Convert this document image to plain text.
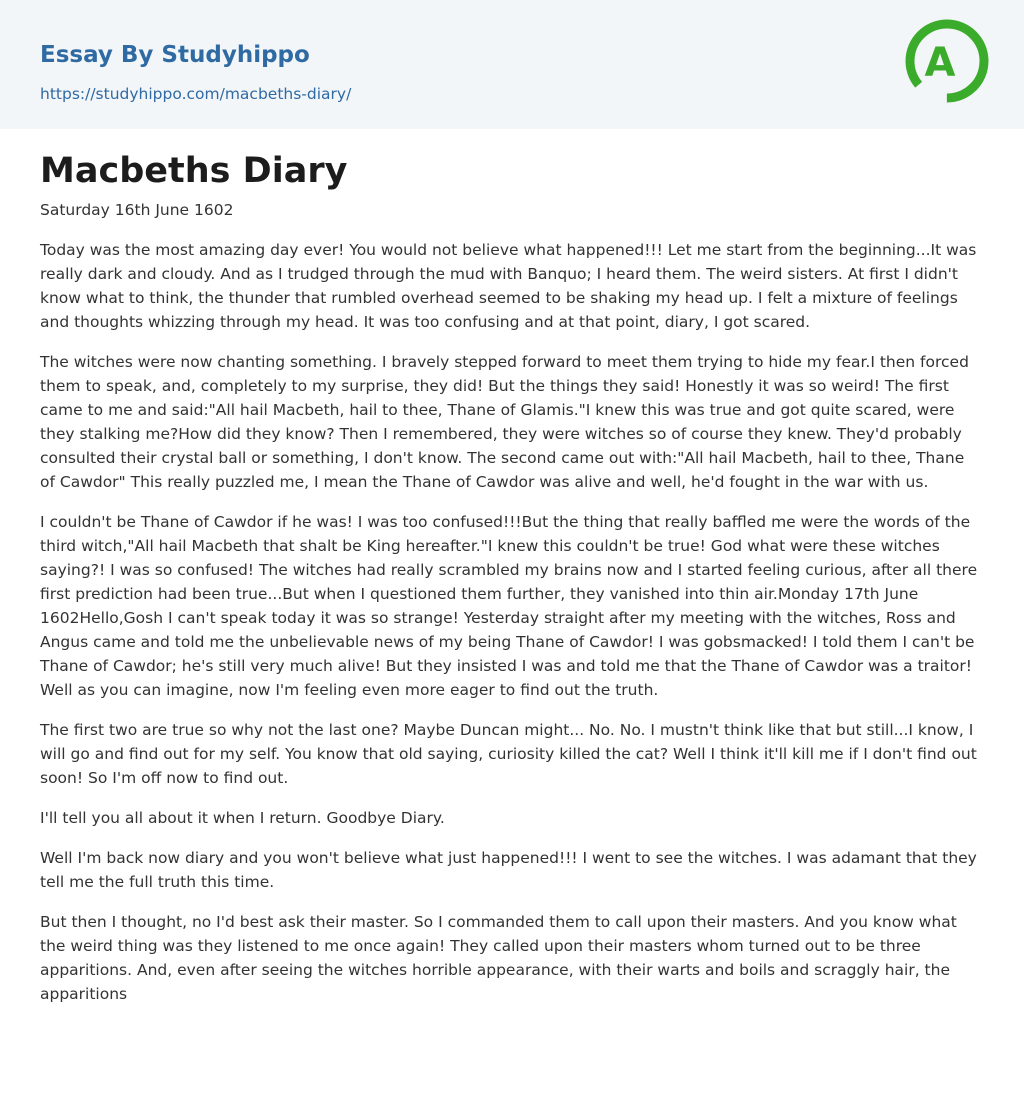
Essay By Studyhippo
https://studyhippo.com/macbeths-diary/
A
Macbeths Diary

Saturday 16th June 1602

Today was the most amazing day ever! You would not believe what happened!!! Let me start from the beginning...It was really dark and cloudy. And as I trudged through the mud with Banquo; I heard them. The weird sisters. At first I didn't know what to think, the thunder that rumbled overhead seemed to be shaking my head up. I felt a mixture of feelings and thoughts whizzing through my head. It was too confusing and at that point, diary, I got scared.

The witches were now chanting something. I bravely stepped forward to meet them trying to hide my fear.I then forced them to speak, and, completely to my surprise, they did! But the things they said! Honestly it was so weird! The first came to me and said:"All hail Macbeth, hail to thee, Thane of Glamis."I knew this was true and got quite scared, were they stalking me?How did they know? Then I remembered, they were witches so of course they knew. They'd probably consulted their crystal ball or something, I don't know. The second came out with:"All hail Macbeth, hail to thee, Thane of Cawdor" This really puzzled me, I mean the Thane of Cawdor was alive and well, he'd fought in the war with us.

I couldn't be Thane of Cawdor if he was! I was too confused!!!But the thing that really baffled me were the words of the third witch,"All hail Macbeth that shalt be King hereafter."I knew this couldn't be true! God what were these witches saying?! I was so confused! The witches had really scrambled my brains now and I started feeling curious, after all there first prediction had been true...But when I questioned them further, they vanished into thin air.Monday 17th June 1602Hello,Gosh I can't speak today it was so strange! Yesterday straight after my meeting with the witches, Ross and Angus came and told me the unbelievable news of my being Thane of Cawdor! I was gobsmacked! I told them I can't be Thane of Cawdor; he's still very much alive! But they insisted I was and told me that the Thane of Cawdor was a traitor! Well as you can imagine, now I'm feeling even more eager to find out the truth.

The first two are true so why not the last one? Maybe Duncan might... No. No. I mustn't think like that but still...I know, I will go and find out for my self. You know that old saying, curiosity killed the cat? Well I think it'll kill me if I don't find out soon! So I'm off now to find out.

I'll tell you all about it when I return. Goodbye Diary.

Well I'm back now diary and you won't believe what just happened!!! I went to see the witches. I was adamant that they tell me the full truth this time.

But then I thought, no I'd best ask their master. So I commanded them to call upon their masters. And you know what the weird thing was they listened to me once again! They called upon their masters whom turned out to be three apparitions. And, even after seeing the witches horrible appearance, with their warts and boils and scraggly hair, the apparitions
